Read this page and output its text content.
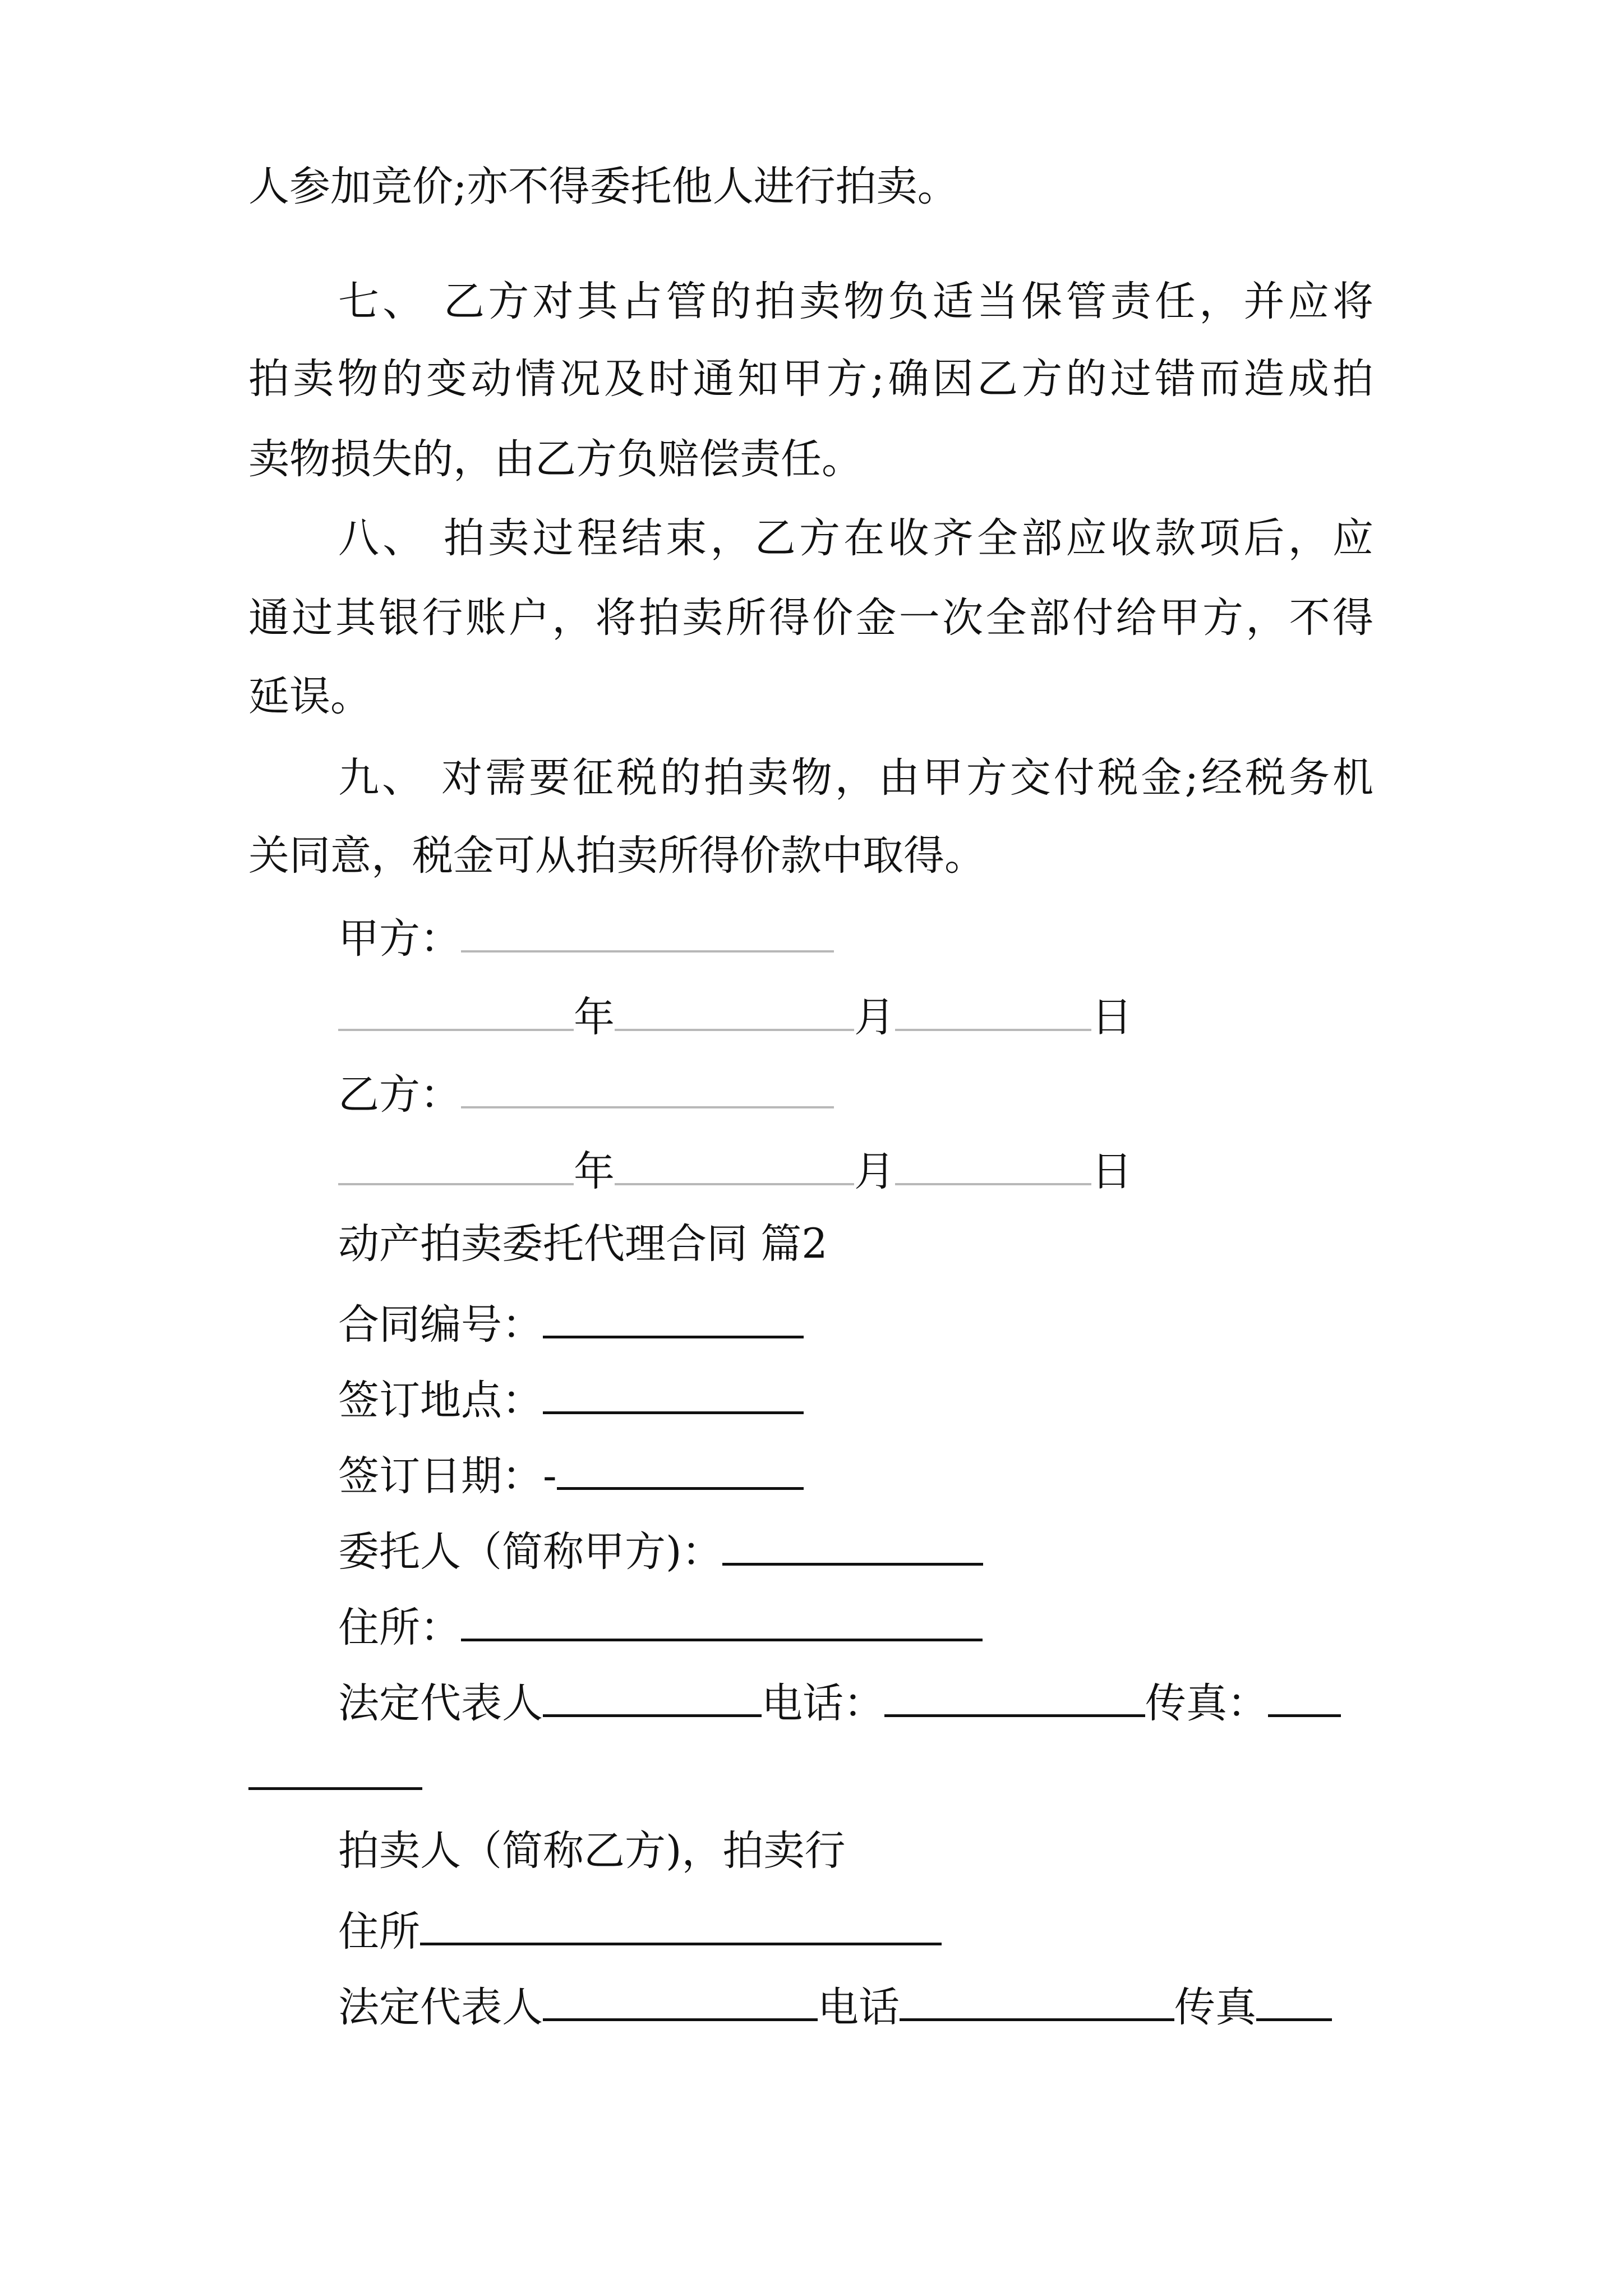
人参加竞价;亦不得委托他人进行拍卖。
七、 乙方对其占管的拍卖物负适当保管责任，并应将
拍卖物的变动情况及时通知甲方;确因乙方的过错而造成拍
卖物损失的，由乙方负赔偿责任。
八、 拍卖过程结束，乙方在收齐全部应收款项后，应
通过其银行账户，将拍卖所得价金一次全部付给甲方，不得
延误。
九、 对需要征税的拍卖物，由甲方交付税金;经税务机
关同意，税金可从拍卖所得价款中取得。
甲方：
年	月	日
乙方：
年	月	日
动产拍卖委托代理合同 篇2
合同编号：
签订地点：
签订日期：-
委托人（简称甲方)：
住所：
法定代表人	电话：	传真：
拍卖人（简称乙方)，拍卖行
住所
法定代表人	电话	传真
